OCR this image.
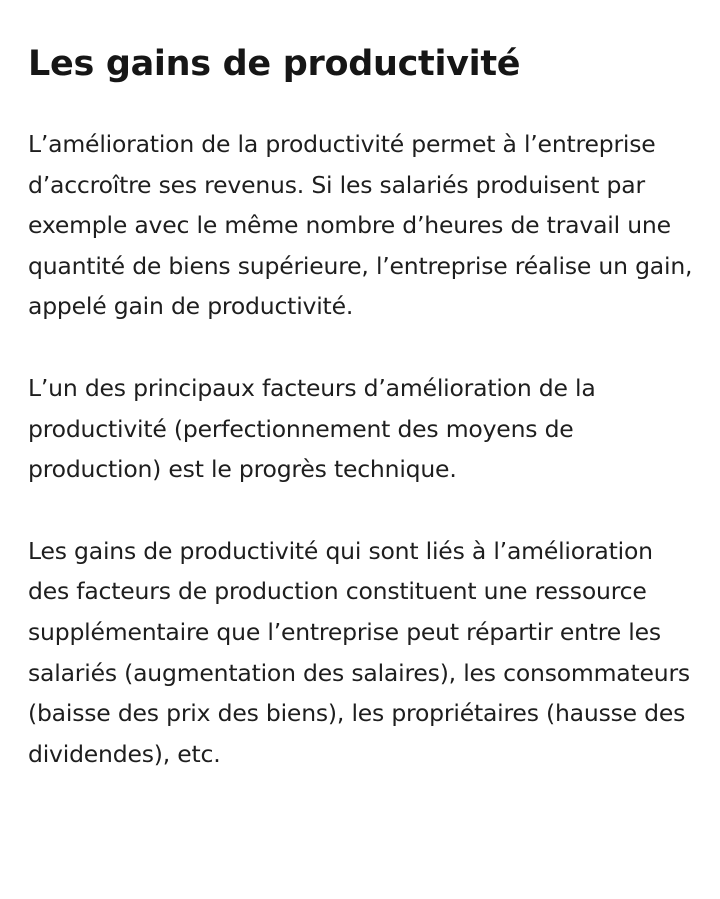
Les gains de productivité

L’amélioration de la productivité permet à l’entreprise d’accroître ses revenus. Si les salariés produisent par exemple avec le même nombre d’heures de travail une quantité de biens supérieure, l’entreprise réalise un gain, appelé gain de productivité.

L’un des principaux facteurs d’amélioration de la productivité (perfectionnement des moyens de production) est le progrès technique.

Les gains de productivité qui sont liés à l’amélioration des facteurs de production constituent une ressource supplémentaire que l’entreprise peut répartir entre les salariés (augmentation des salaires), les consommateurs (baisse des prix des biens), les propriétaires (hausse des dividendes), etc.
